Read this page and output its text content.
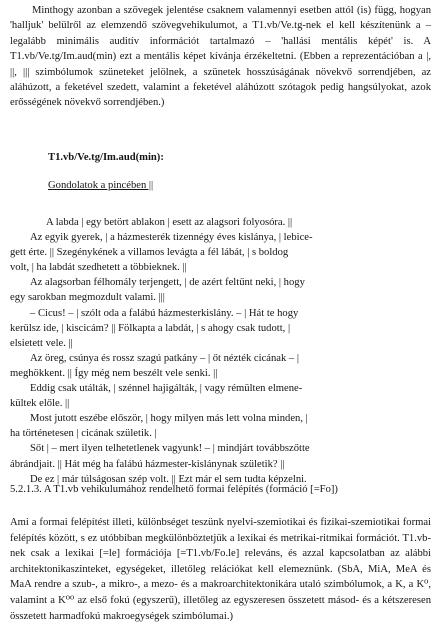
Minthogy azonban a szövegek jelentése csaknem valamennyi esetben attól (is) függ, hogyan 'halljuk' belülről az elemzendő szövegvehikulumot, a T1.vb/Ve.tg-nek el kell készítenünk a – legalább minimális auditív információt tartalmazó – 'hallási mentális képét' is. A T1.vb/Ve.tg/Im.aud(min) ezt a mentális képet kívánja érzékeltetni. (Ebben a reprezentációban a |, ||, ||| szimbólumok szüneteket jelölnek, a szünetek hosszúságának növekvő sorrendjében, az aláhúzott, a feketével szedett, valamint a feketével aláhúzott szótagok pedig hangsúlyokat, azok erősségének növekvő sorrendjében.)

T1.vb/Ve.tg/Im.aud(min):

Gondolatok a pincében ||

A labda | egy betört ablakon | esett az alagsori folyosóra. ||
Az egyik gyerek, | a házmesterék tizennégy éves kislánya, | lebice-
gett érte. || Szegénykének a villamos levágta a fél lábát, | s boldog
volt, | ha labdát szedhetett a többieknek. ||
Az alagsorban félhomály terjengett, | de azért feltűnt neki, | hogy
egy sarokban megmozdult valami. |||
– Cicus! – | szólt oda a falábú házmesterkislány. – | Hát te hogy
kerülsz ide, | kiscicám? || Fölkapta a labdát, | s ahogy csak tudott, |
elsietett vele. ||
Az öreg, csúnya és rossz szagú patkány – | őt nézték cicának – |
meghökkent. || Így még nem beszélt vele senki. ||
Eddig csak utálták, | szénnel hajigálták, | vagy rémülten elmene-
kültek előle. ||
Most jutott eszébe először, | hogy milyen más lett volna minden, |
ha történetesen | cicának születik. |
Sőt | – mert ilyen telhetetlenek vagyunk! – | mindjárt továbbszőtte
ábrándjait. || Hát még ha falábú házmester-kislánynak születik? ||
De ez | már túlságosan szép volt. || Ezt már el sem tudta képzelni.

5.2.1.3. A T1.vb vehikulumához rendelhető formai felépítés (formáció [=Fo])

Ami a formai felépítést illeti, különbséget teszünk nyelvi-szemiotikai és fizikai-szemiotikai formai felépítés között, s ez utóbbiban megkülönböztetjük a lexikai és metrikai-ritmikai formációt. T1.vb-nek csak a lexikai [=le] formációja [=T1.vb/Fo.le] releváns, és azzal kapcsolatban az alábbi architektonikaszinteket, egységeket, illetőleg relációkat kell elemeznünk. (SbA, MiA, MeA és MaA rendre a szub-, a mikro-, a mezo- és a makroarchitektonikára utaló szimbólumok, a K, a K⁰, valamint a K⁰⁰ az első fokú (egyszerű), illetőleg az egyszeresen összetett másod- és a kétszeresen összetett harmadfokú makroegységek szimbólumai.)
